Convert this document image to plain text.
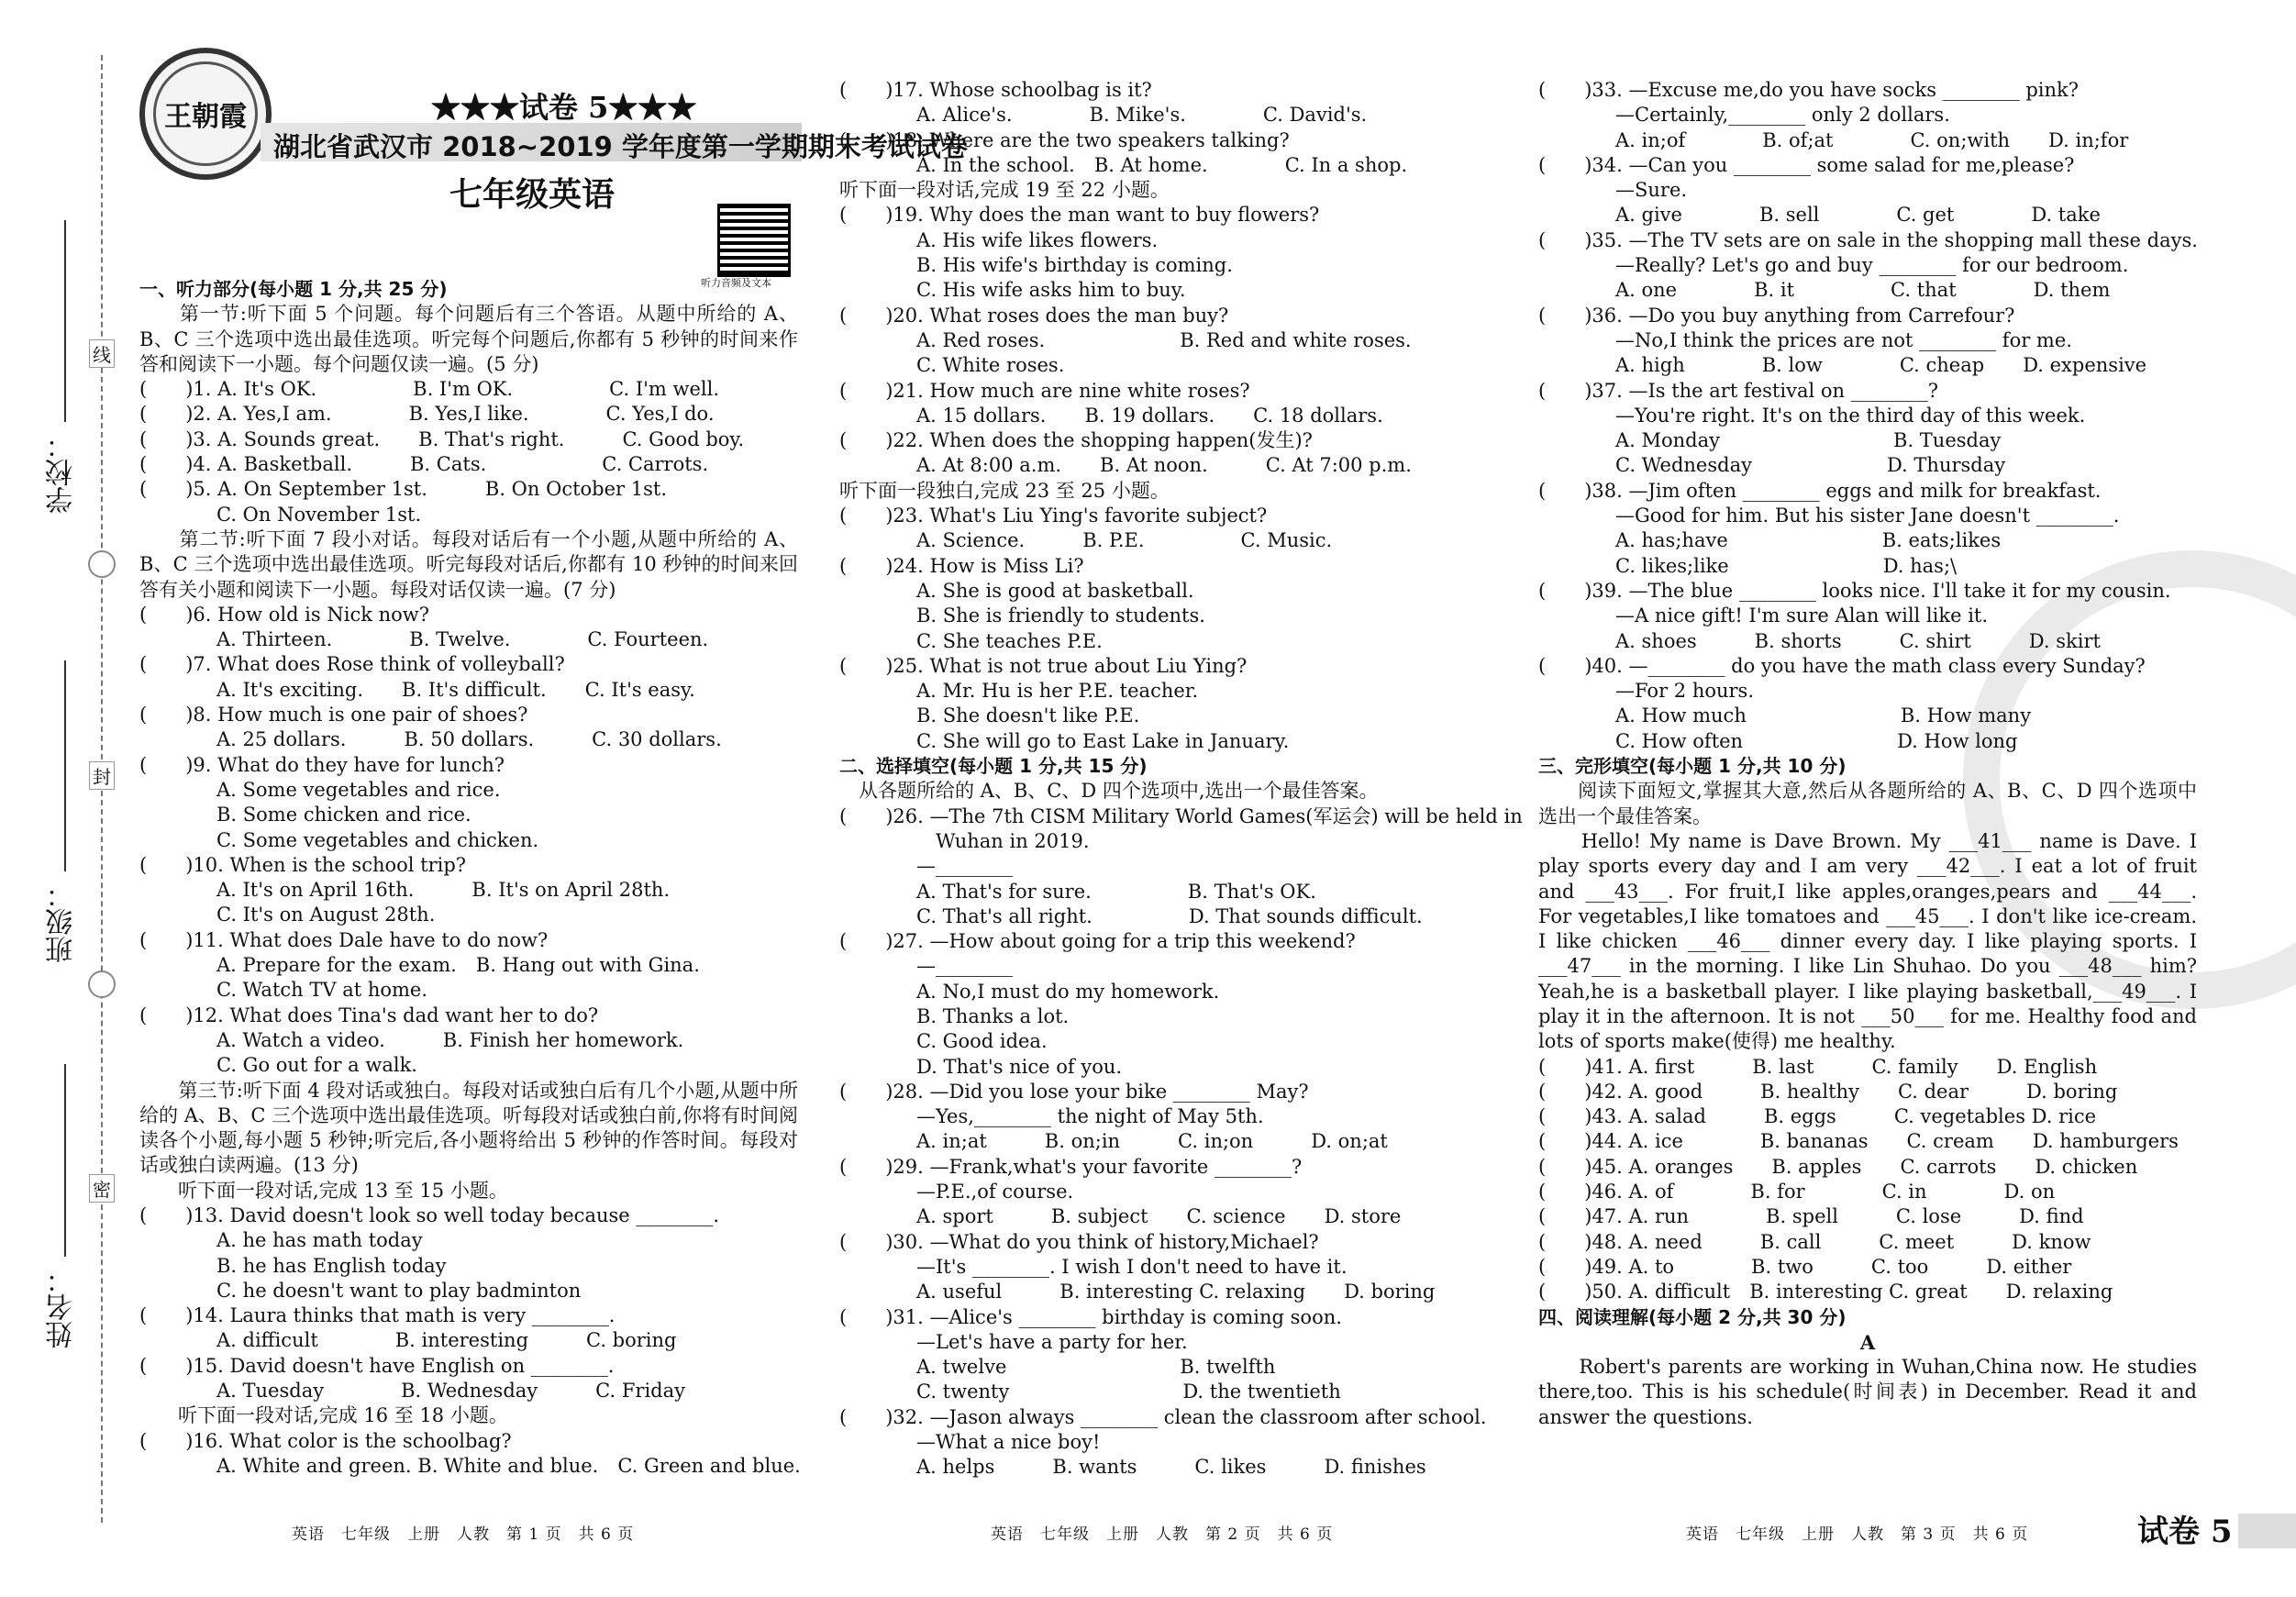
学校：
班级：
姓名：
线
封
密
王朝霞	★★★试卷 5★★★
湖北省武汉市 2018~2019 学年度第一学期期末考试试卷
七年级英语
听力音频及文本
一、听力部分(每小题 1 分,共 25 分)
　　第一节:听下面 5 个问题。每个问题后有三个答语。从题中所给的 A、B、C 三个选项中选出最佳选项。听完每个问题后,你都有 5 秒钟的时间来作答和阅读下一小题。每个问题仅读一遍。(5 分)
(　　)1. A. It's OK.　　　　　B. I'm OK.　　　　　C. I'm well.
(　　)2. A. Yes,I am.　　　　B. Yes,I like.　　　　C. Yes,I do.
(　　)3. A. Sounds great.　　B. That's right.　　　C. Good boy.
(　　)4. A. Basketball.　　　B. Cats.　　　　　　C. Carrots.
(　　)5. A. On September 1st.　　　B. On October 1st.
　　　　C. On November 1st.
　　第二节:听下面 7 段小对话。每段对话后有一个小题,从题中所给的 A、B、C 三个选项中选出最佳选项。听完每段对话后,你都有 10 秒钟的时间来回答有关小题和阅读下一小题。每段对话仅读一遍。(7 分)
(　　)6. How old is Nick now?
　　　　A. Thirteen.　　　　B. Twelve.　　　　C. Fourteen.
(　　)7. What does Rose think of volleyball?
　　　　A. It's exciting.　　B. It's difficult.　　C. It's easy.
(　　)8. How much is one pair of shoes?
　　　　A. 25 dollars.　　　B. 50 dollars.　　　C. 30 dollars.
(　　)9. What do they have for lunch?
　　　　A. Some vegetables and rice.
　　　　B. Some chicken and rice.
　　　　C. Some vegetables and chicken.
(　　)10. When is the school trip?
　　　　A. It's on April 16th.　　　B. It's on April 28th.
　　　　C. It's on August 28th.
(　　)11. What does Dale have to do now?
　　　　A. Prepare for the exam.　B. Hang out with Gina.
　　　　C. Watch TV at home.
(　　)12. What does Tina's dad want her to do?
　　　　A. Watch a video.　　　B. Finish her homework.
　　　　C. Go out for a walk.
　　第三节:听下面 4 段对话或独白。每段对话或独白后有几个小题,从题中所给的 A、B、C 三个选项中选出最佳选项。听每段对话或独白前,你将有时间阅读各个小题,每小题 5 秒钟;听完后,各小题将给出 5 秒钟的作答时间。每段对话或独白读两遍。(13 分)
　　听下面一段对话,完成 13 至 15 小题。
(　　)13. David doesn't look so well today because ________.
　　　　A. he has math today
　　　　B. he has English today
　　　　C. he doesn't want to play badminton
(　　)14. Laura thinks that math is very ________.
　　　　A. difficult　　　　B. interesting　　　C. boring
(　　)15. David doesn't have English on ________.
　　　　A. Tuesday　　　　B. Wednesday　　　C. Friday
　　听下面一段对话,完成 16 至 18 小题。
(　　)16. What color is the schoolbag?
　　　　A. White and green. B. White and blue.　C. Green and blue.
(　　)17. Whose schoolbag is it?
　　　　A. Alice's.　　　　B. Mike's.　　　　C. David's.
(　　)18. Where are the two speakers talking?
　　　　A. In the school.　B. At home.　　　　C. In a shop.
听下面一段对话,完成 19 至 22 小题。
(　　)19. Why does the man want to buy flowers?
　　　　A. His wife likes flowers.
　　　　B. His wife's birthday is coming.
　　　　C. His wife asks him to buy.
(　　)20. What roses does the man buy?
　　　　A. Red roses.　　　　　　　B. Red and white roses.
　　　　C. White roses.
(　　)21. How much are nine white roses?
　　　　A. 15 dollars.　　B. 19 dollars.　　C. 18 dollars.
(　　)22. When does the shopping happen(发生)?
　　　　A. At 8:00 a.m.　　B. At noon.　　　C. At 7:00 p.m.
听下面一段独白,完成 23 至 25 小题。
(　　)23. What's Liu Ying's favorite subject?
　　　　A. Science.　　　B. P.E.　　　　　C. Music.
(　　)24. How is Miss Li?
　　　　A. She is good at basketball.
　　　　B. She is friendly to students.
　　　　C. She teaches P.E.
(　　)25. What is not true about Liu Ying?
　　　　A. Mr. Hu is her P.E. teacher.
　　　　B. She doesn't like P.E.
　　　　C. She will go to East Lake in January.
二、选择填空(每小题 1 分,共 15 分)
　从各题所给的 A、B、C、D 四个选项中,选出一个最佳答案。
(　　)26. —The 7th CISM Military World Games(军运会) will be held in
　　　　　Wuhan in 2019.
　　　　—________
　　　　A. That's for sure.　　　　　B. That's OK.
　　　　C. That's all right.　　　　　D. That sounds difficult.
(　　)27. —How about going for a trip this weekend?
　　　　—________
　　　　A. No,I must do my homework.
　　　　B. Thanks a lot.
　　　　C. Good idea.
　　　　D. That's nice of you.
(　　)28. —Did you lose your bike ________ May?
　　　　—Yes,________ the night of May 5th.
　　　　A. in;at　　　B. on;in　　　C. in;on　　　D. on;at
(　　)29. —Frank,what's your favorite ________?
　　　　—P.E.,of course.
　　　　A. sport　　　B. subject　　C. science　　D. store
(　　)30. —What do you think of history,Michael?
　　　　—It's ________. I wish I don't need to have it.
　　　　A. useful　　　B. interesting C. relaxing　　D. boring
(　　)31. —Alice's ________ birthday is coming soon.
　　　　—Let's have a party for her.
　　　　A. twelve　　　　　　　　　B. twelfth
　　　　C. twenty　　　　　　　　　D. the twentieth
(　　)32. —Jason always ________ clean the classroom after school.
　　　　—What a nice boy!
　　　　A. helps　　　B. wants　　　C. likes　　　D. finishes
(　　)33. —Excuse me,do you have socks ________ pink?
　　　　—Certainly,________ only 2 dollars.
　　　　A. in;of　　　　B. of;at　　　　C. on;with　　D. in;for
(　　)34. —Can you ________ some salad for me,please?
　　　　—Sure.
　　　　A. give　　　　B. sell　　　　C. get　　　　D. take
(　　)35. —The TV sets are on sale in the shopping mall these days.
　　　　—Really? Let's go and buy ________ for our bedroom.
　　　　A. one　　　　B. it　　　　　C. that　　　　D. them
(　　)36. —Do you buy anything from Carrefour?
　　　　—No,I think the prices are not ________ for me.
　　　　A. high　　　　B. low　　　　C. cheap　　D. expensive
(　　)37. —Is the art festival on ________?
　　　　—You're right. It's on the third day of this week.
　　　　A. Monday　　　　　　　　　B. Tuesday
　　　　C. Wednesday　　　　　　　D. Thursday
(　　)38. —Jim often ________ eggs and milk for breakfast.
　　　　—Good for him. But his sister Jane doesn't ________.
　　　　A. has;have　　　　　　　　B. eats;likes
　　　　C. likes;like　　　　　　　　D. has;\
(　　)39. —The blue ________ looks nice. I'll take it for my cousin.
　　　　—A nice gift! I'm sure Alan will like it.
　　　　A. shoes　　　B. shorts　　　C. shirt　　　D. skirt
(　　)40. —________ do you have the math class every Sunday?
　　　　—For 2 hours.
　　　　A. How much　　　　　　　　B. How many
　　　　C. How often　　　　　　　　D. How long
三、完形填空(每小题 1 分,共 10 分)
　　阅读下面短文,掌握其大意,然后从各题所给的 A、B、C、D 四个选项中选出一个最佳答案。
　　Hello! My name is Dave Brown. My ___41___ name is Dave. I play sports every day and I am very ___42___. I eat a lot of fruit and ___43___. For fruit,I like apples,oranges,pears and ___44___. For vegetables,I like tomatoes and ___45___. I don't like ice-cream. I like chicken ___46___ dinner every day. I like playing sports. I ___47___ in the morning. I like Lin Shuhao. Do you ___48___ him? Yeah,he is a basketball player. I like playing basketball,___49___. I play it in the afternoon. It is not ___50___ for me. Healthy food and lots of sports make(使得) me healthy.
(　　)41. A. first　　　B. last　　　C. family　　D. English
(　　)42. A. good　　　B. healthy　　C. dear　　　D. boring
(　　)43. A. salad　　　B. eggs　　　C. vegetables D. rice
(　　)44. A. ice　　　　B. bananas　　C. cream　　D. hamburgers
(　　)45. A. oranges　　B. apples　　C. carrots　　D. chicken
(　　)46. A. of　　　　B. for　　　　C. in　　　　D. on
(　　)47. A. run　　　　B. spell　　　C. lose　　　D. find
(　　)48. A. need　　　B. call　　　C. meet　　　D. know
(　　)49. A. to　　　　B. two　　　C. too　　　D. either
(　　)50. A. difficult　B. interesting C. great　　D. relaxing
四、阅读理解(每小题 2 分,共 30 分)
A
　　Robert's parents are working in Wuhan,China now. He studies there,too. This is his schedule(时间表) in December. Read it and answer the questions.
英语　七年级　上册　人教　第 1 页　共 6 页	英语　七年级　上册　人教　第 2 页　共 6 页	英语　七年级　上册　人教　第 3 页　共 6 页	试卷 5
